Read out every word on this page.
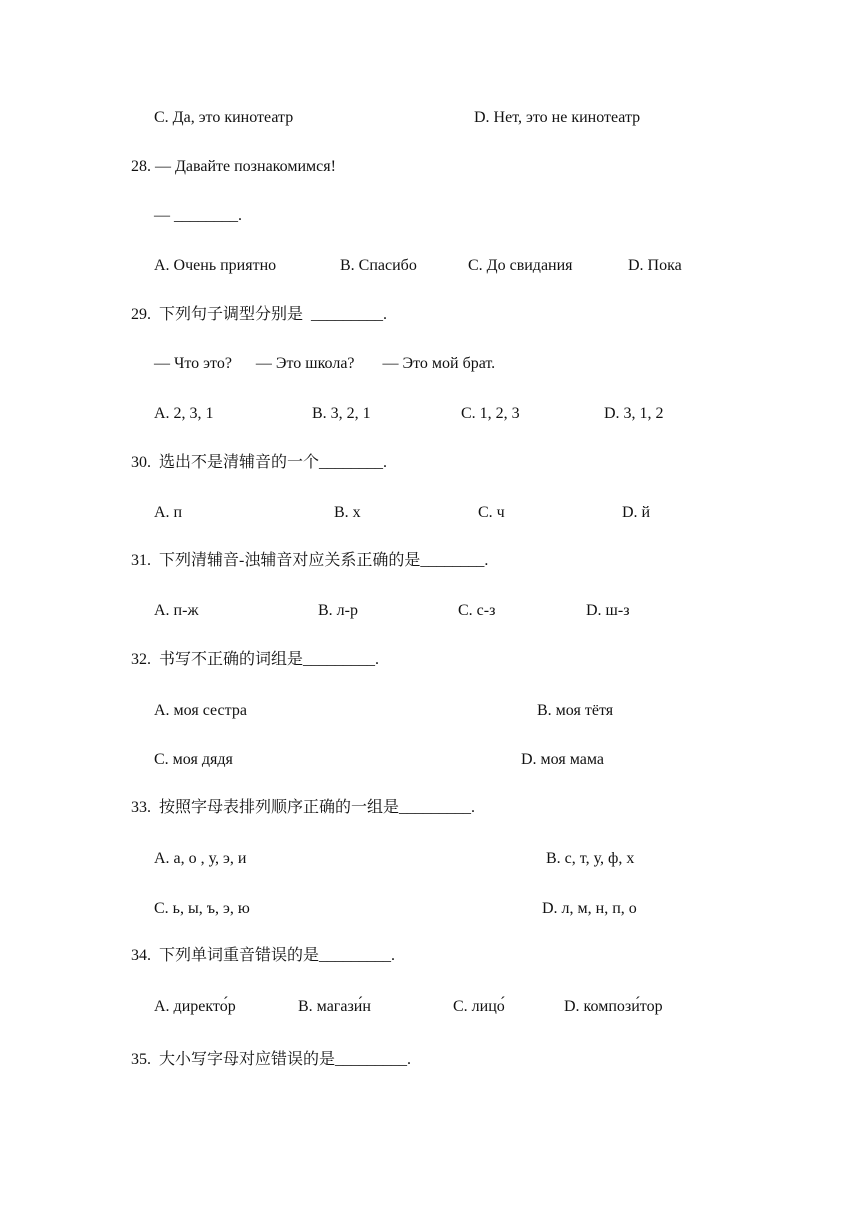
C. Да, это кинотеатр	D. Нет, это не кинотеатр
28. — Давайте познакомимся!
— ________.
A. Очень приятно	B. Спасибо	C. До свидания	D. Пока
29.  下列句子调型分别是  _________.
— Что это?      — Это школа?       — Это мой брат.
A. 2, 3, 1	B. 3, 2, 1	C. 1, 2, 3	D. 3, 1, 2
30.  选出不是清辅音的一个________.
A. п	B. х	C. ч	D. й
31.  下列清辅音-浊辅音对应关系正确的是________.
A. п-ж	B. л-р	C. с-з	D. ш-з
32.  书写不正确的词组是_________.
A. моя сестра	B. моя тётя
C. моя дядя	D. моя мама
33.  按照字母表排列顺序正确的一组是_________.
A. а, о , у, э, и	B. с, т, у, ф, х
C. ь, ы, ъ, э, ю	D. л, м, н, п, о
34.  下列单词重音错误的是_________.
A. директо́р	B. магази́н	C. лицо́	D. компози́тор
35.  大小写字母对应错误的是_________.
